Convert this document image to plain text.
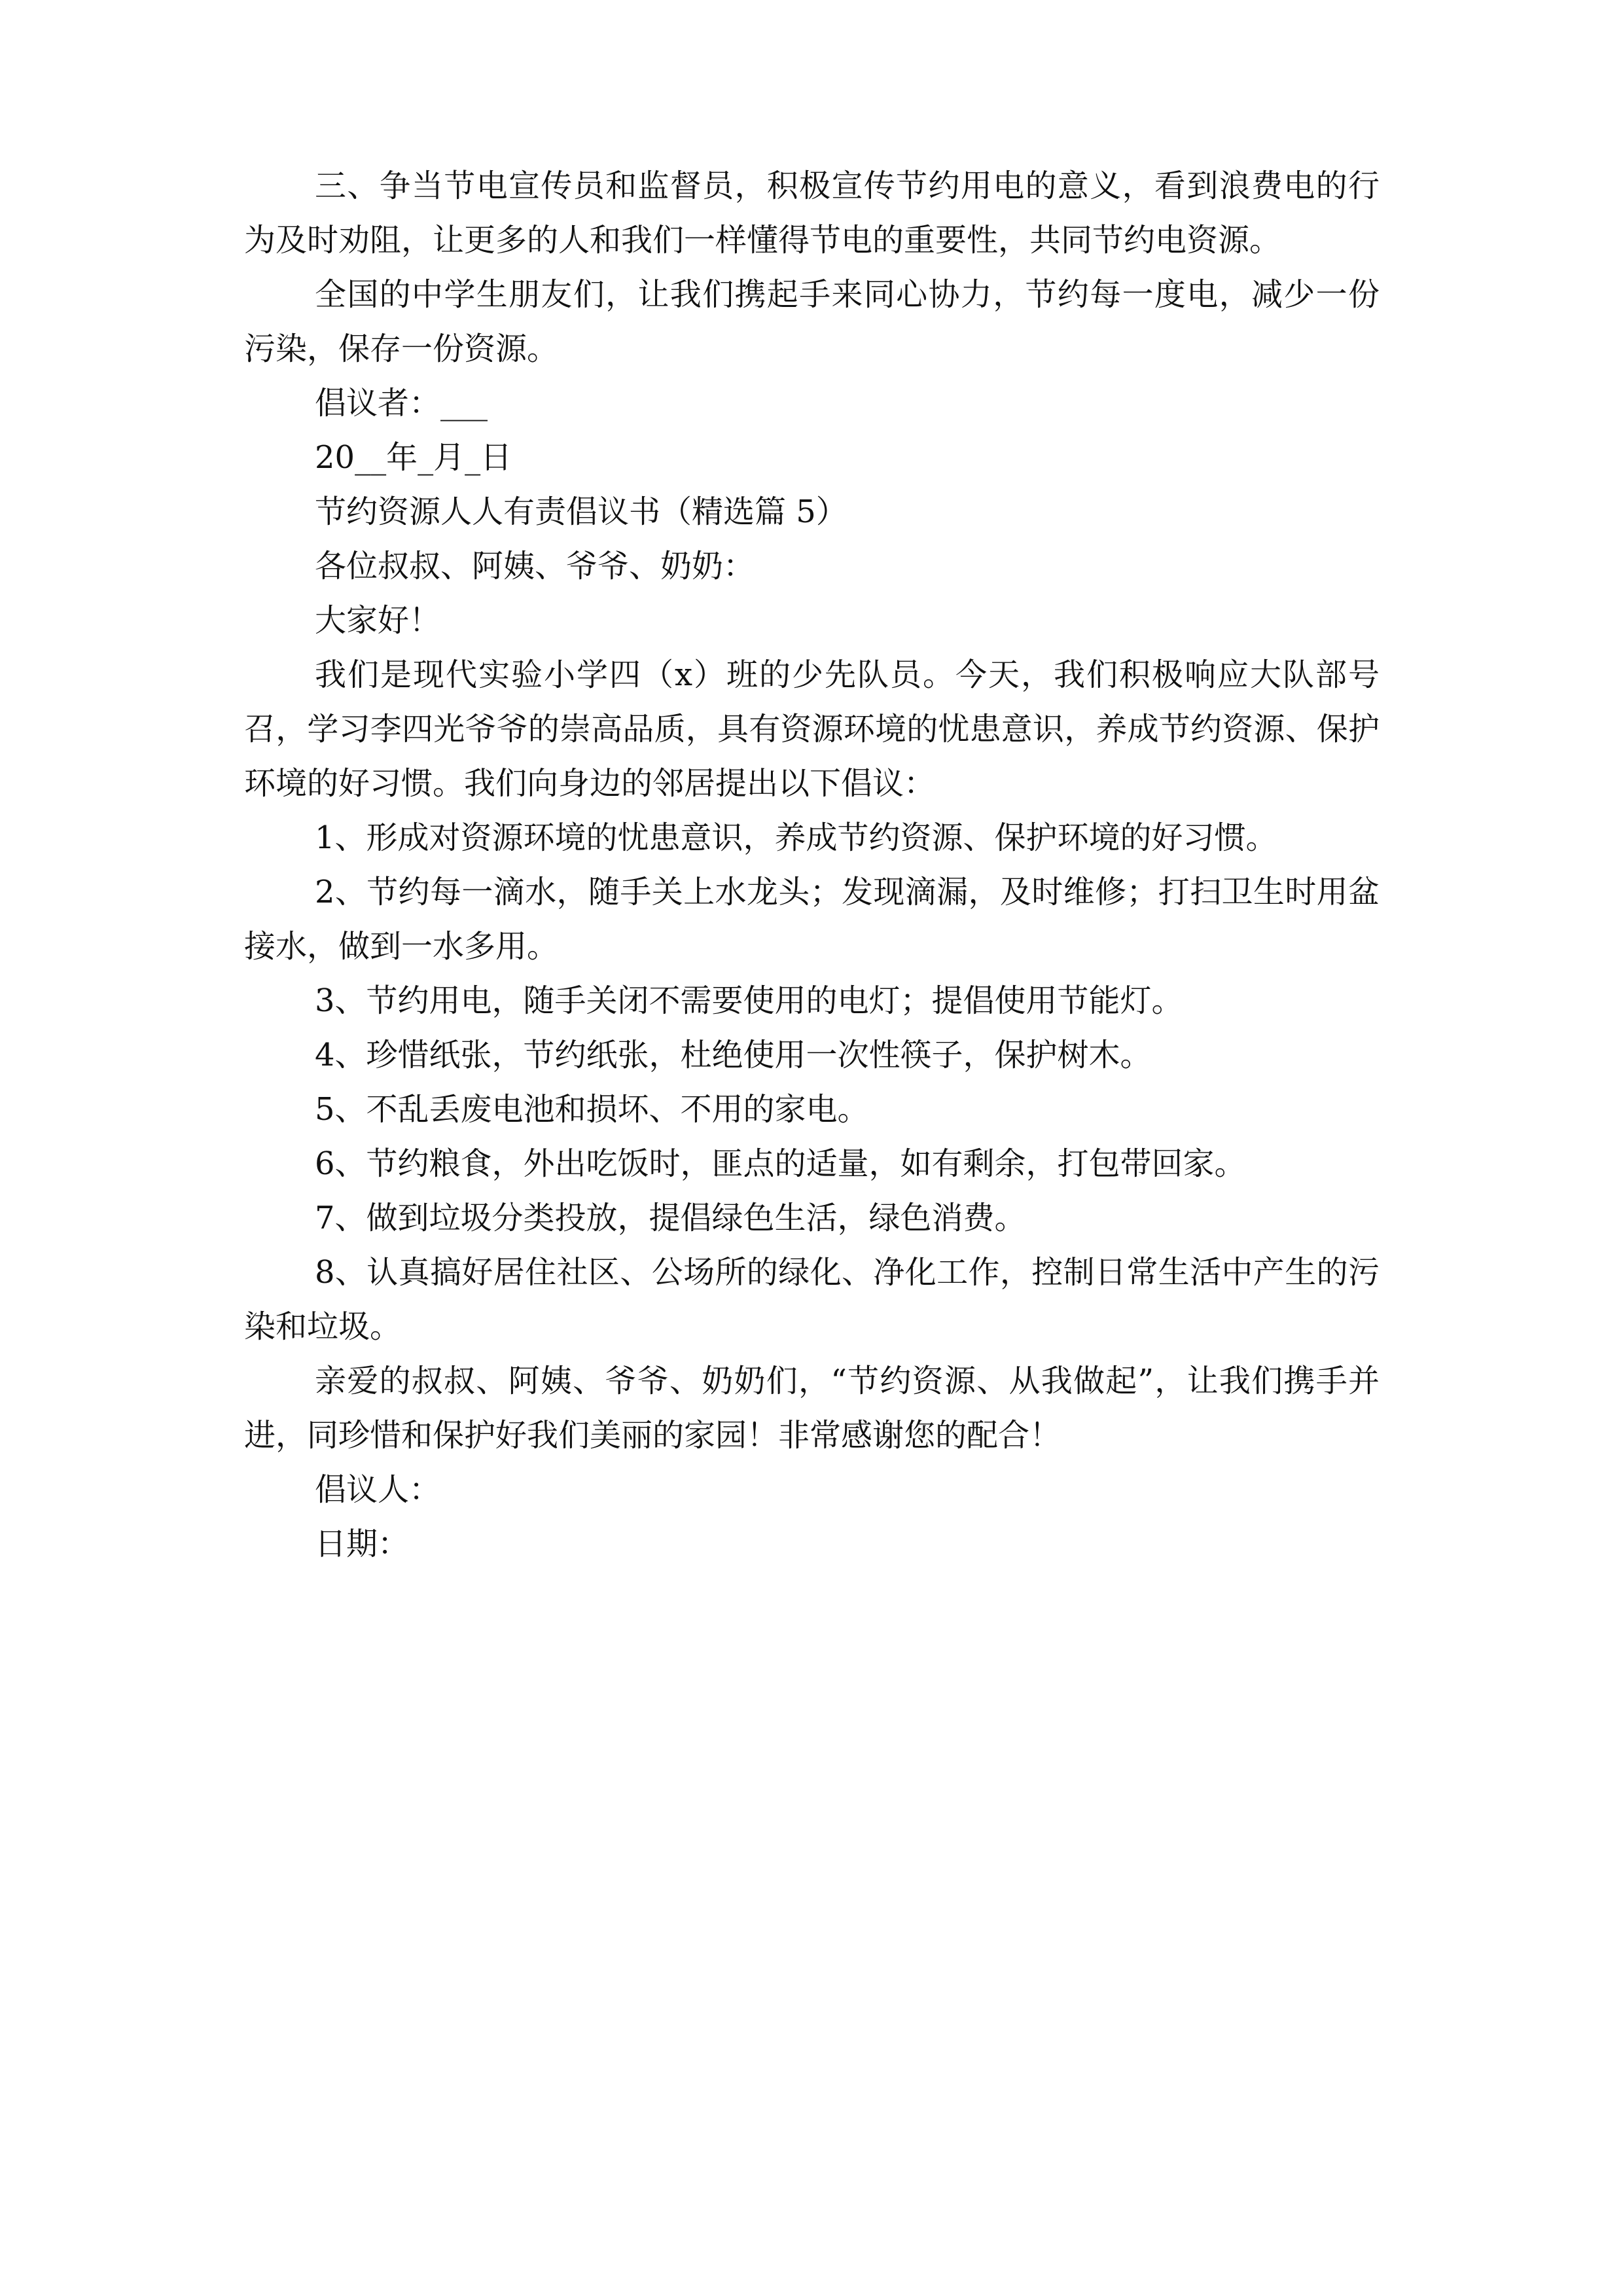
三、争当节电宣传员和监督员，积极宣传节约用电的意义，看到浪费电的行为及时劝阻，让更多的人和我们一样懂得节电的重要性，共同节约电资源。

全国的中学生朋友们，让我们携起手来同心协力，节约每一度电，减少一份污染，保存一份资源。

倡议者：___

20__年_月_日

节约资源人人有责倡议书（精选篇 5）

各位叔叔、阿姨、爷爷、奶奶：

大家好！

我们是现代实验小学四（x）班的少先队员。今天，我们积极响应大队部号召，学习李四光爷爷的崇高品质，具有资源环境的忧患意识，养成节约资源、保护环境的好习惯。我们向身边的邻居提出以下倡议：

1、形成对资源环境的忧患意识，养成节约资源、保护环境的好习惯。

2、节约每一滴水，随手关上水龙头；发现滴漏，及时维修；打扫卫生时用盆接水，做到一水多用。

3、节约用电，随手关闭不需要使用的电灯；提倡使用节能灯。

4、珍惜纸张，节约纸张，杜绝使用一次性筷子，保护树木。

5、不乱丢废电池和损坏、不用的家电。

6、节约粮食，外出吃饭时，匪点的适量，如有剩余，打包带回家。

7、做到垃圾分类投放，提倡绿色生活，绿色消费。

8、认真搞好居住社区、公场所的绿化、净化工作，控制日常生活中产生的污染和垃圾。

亲爱的叔叔、阿姨、爷爷、奶奶们，“节约资源、从我做起”，让我们携手并进，同珍惜和保护好我们美丽的家园！非常感谢您的配合！

倡议人：

日期：
